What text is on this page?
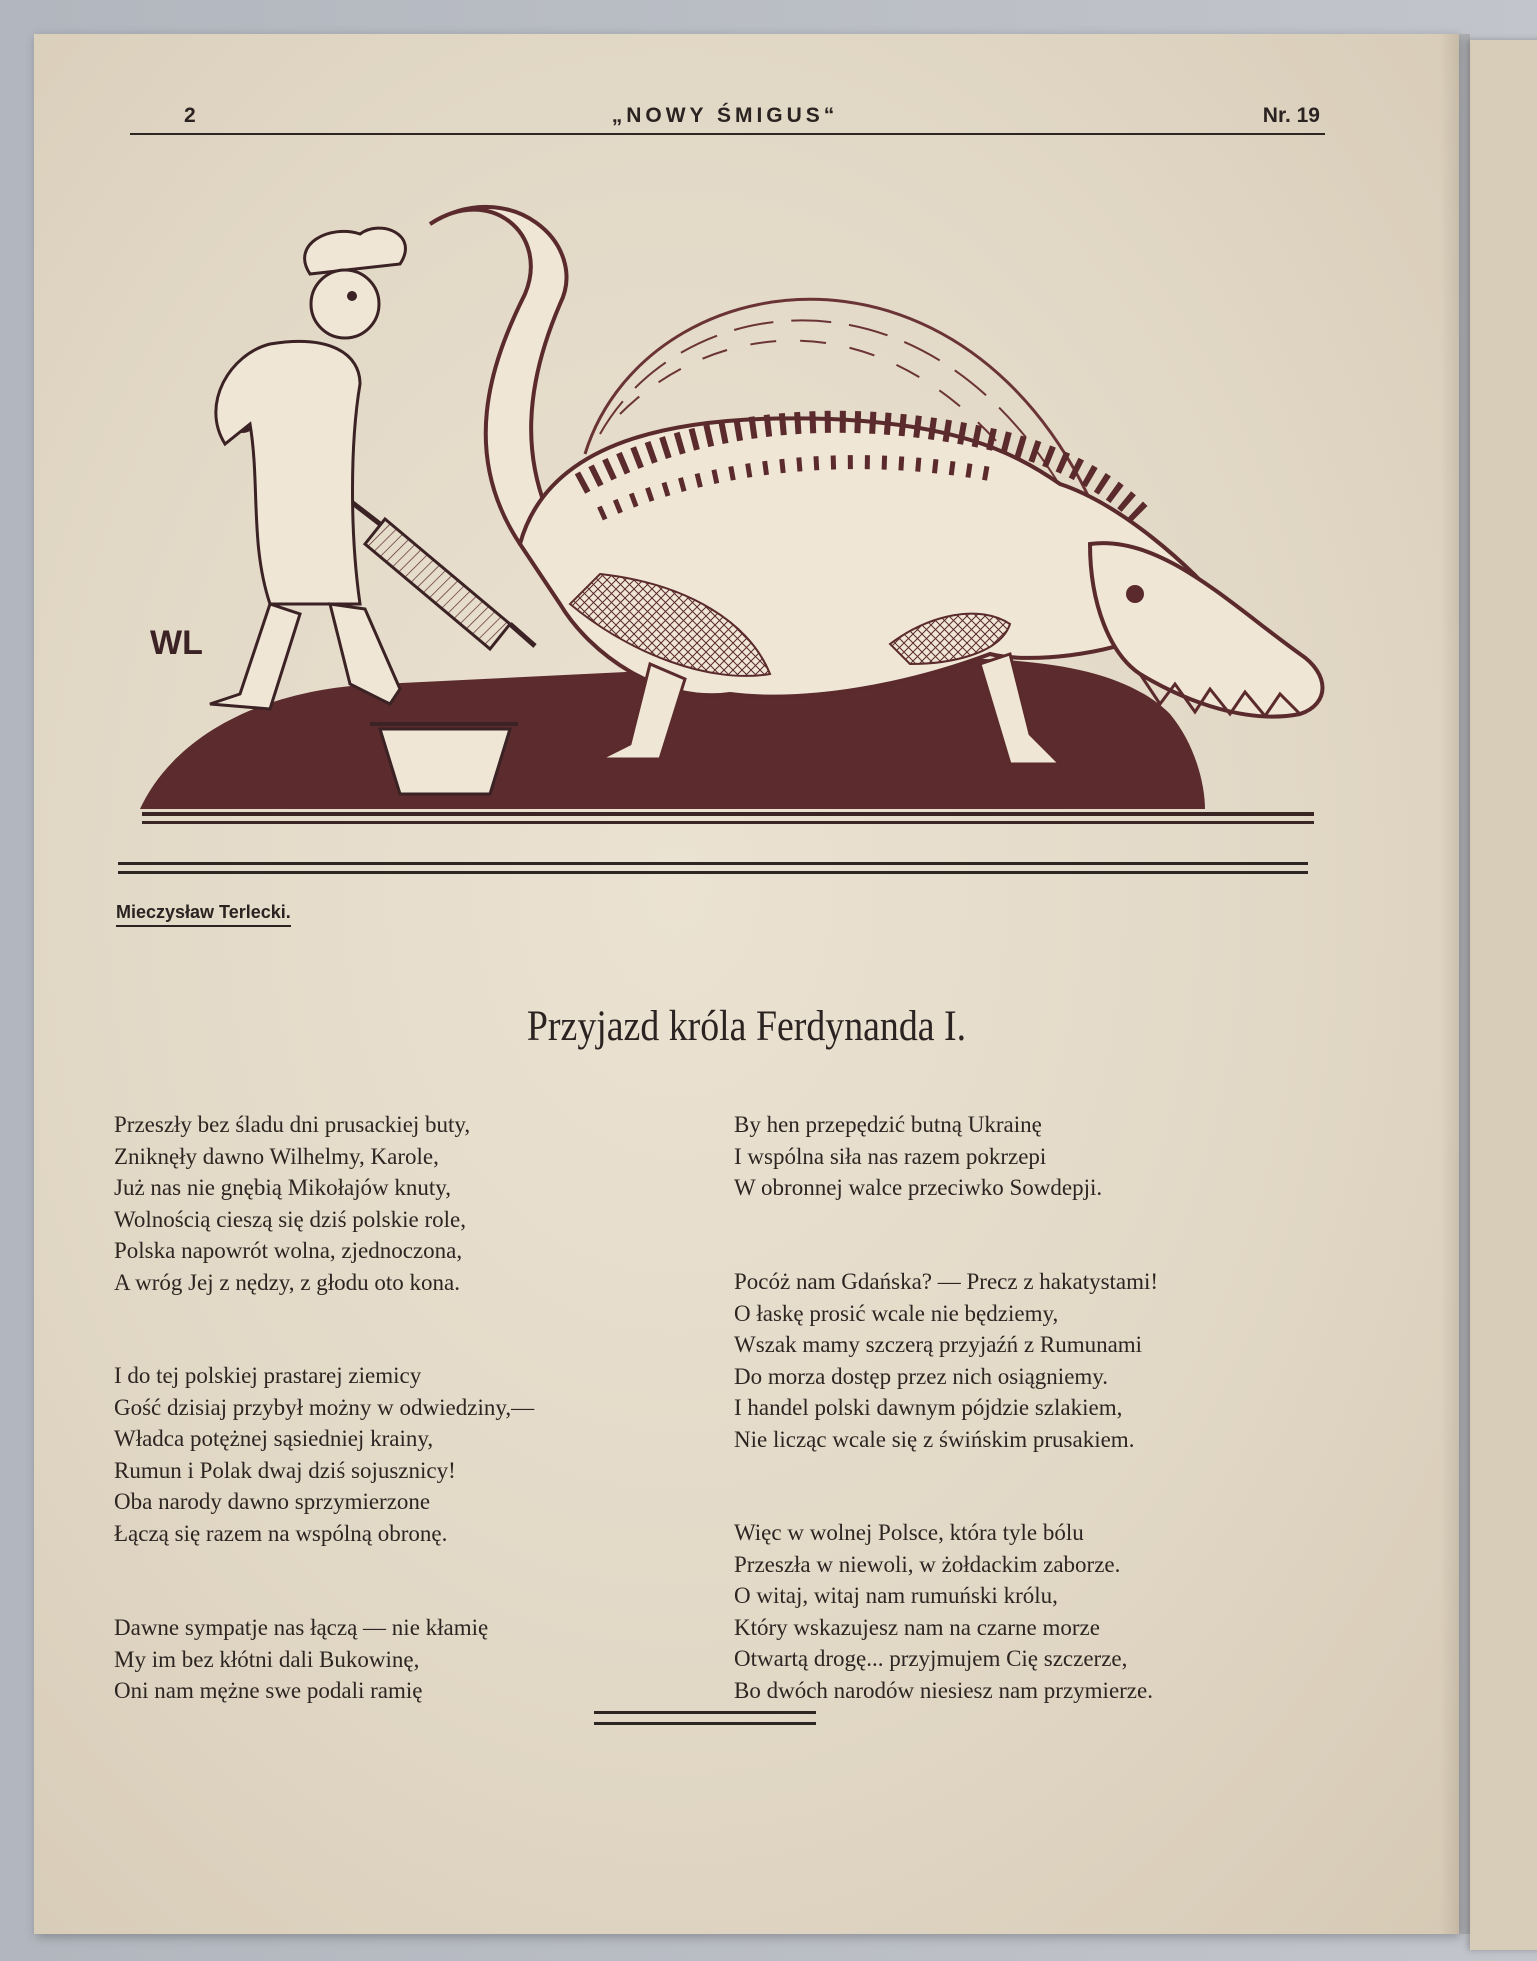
2	„NOWY ŚMIGUS“	Nr. 19
WL
Mieczysław Terlecki.
Przyjazd króla Ferdynanda I.
Przeszły bez śladu dni prusackiej buty,
Zniknęły dawno Wilhelmy, Karole,
Już nas nie gnębią Mikołajów knuty,
Wolnością cieszą się dziś polskie role,
Polska napowrót wolna, zjednoczona,
A wróg Jej z nędzy, z głodu oto kona.
I do tej polskiej prastarej ziemicy
Gość dzisiaj przybył możny w odwiedziny,—
Władca potężnej sąsiedniej krainy,
Rumun i Polak dwaj dziś sojusznicy!
Oba narody dawno sprzymierzone
Łączą się razem na wspólną obronę.
Dawne sympatje nas łączą — nie kłamię
My im bez kłótni dali Bukowinę,
Oni nam mężne swe podali ramię
By hen przepędzić butną Ukrainę
I wspólna siła nas razem pokrzepi
W obronnej walce przeciwko Sowdepji.
Pocóż nam Gdańska? — Precz z hakatystami!
O łaskę prosić wcale nie będziemy,
Wszak mamy szczerą przyjaźń z Rumunami
Do morza dostęp przez nich osiągniemy.
I handel polski dawnym pójdzie szlakiem,
Nie licząc wcale się z świńskim prusakiem.
Więc w wolnej Polsce, która tyle bólu
Przeszła w niewoli, w żołdackim zaborze.
O witaj, witaj nam rumuński królu,
Który wskazujesz nam na czarne morze
Otwartą drogę... przyjmujem Cię szczerze,
Bo dwóch narodów niesiesz nam przymierze.
